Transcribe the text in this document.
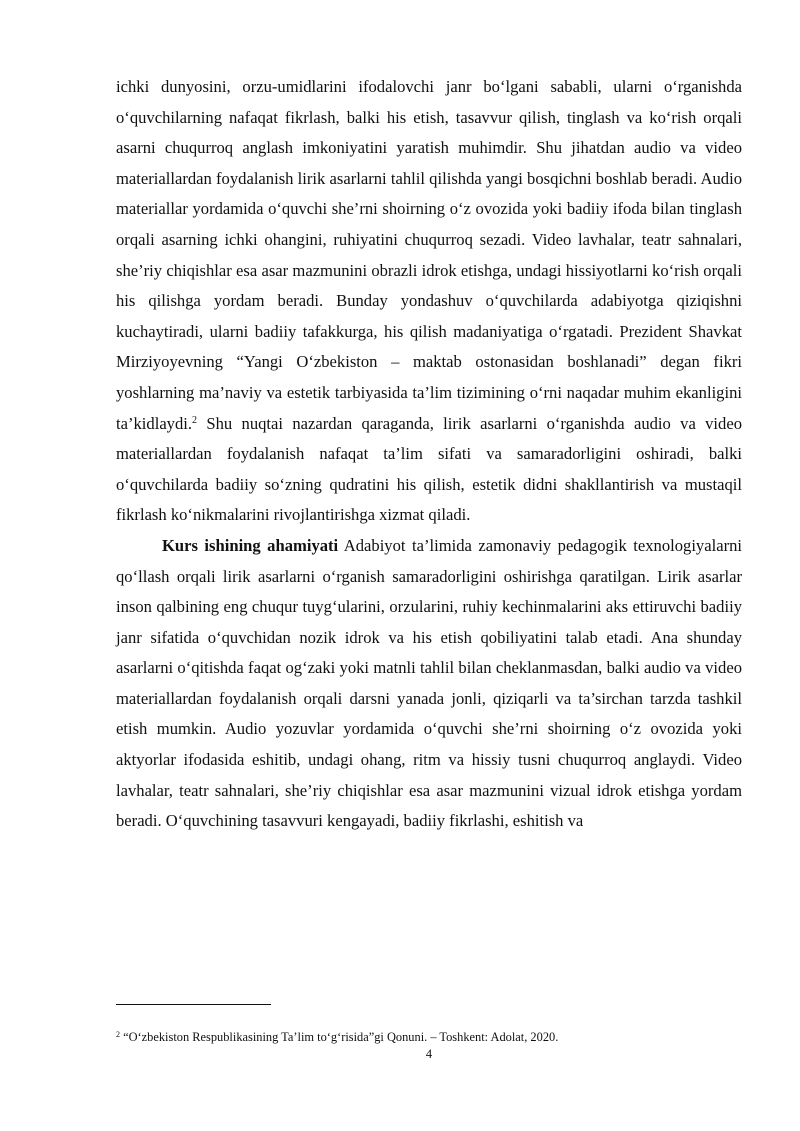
ichki dunyosini, orzu-umidlarini ifodalovchi janr bo‘lgani sababli, ularni o‘rganishda o‘quvchilarning nafaqat fikrlash, balki his etish, tasavvur qilish, tinglash va ko‘rish orqali asarni chuqurroq anglash imkoniyatini yaratish muhimdir. Shu jihatdan audio va video materiallardan foydalanish lirik asarlarni tahlil qilishda yangi bosqichni boshlab beradi. Audio materiallar yordamida o‘quvchi she’rni shoirning o‘z ovozida yoki badiiy ifoda bilan tinglash orqali asarning ichki ohangini, ruhiyatini chuqurroq sezadi. Video lavhalar, teatr sahnalari, she’riy chiqishlar esa asar mazmunini obrazli idrok etishga, undagi hissiyotlarni ko‘rish orqali his qilishga yordam beradi. Bunday yondashuv o‘quvchilarda adabiyotga qiziqishni kuchaytiradi, ularni badiiy tafakkurga, his qilish madaniyatiga o‘rgatadi. Prezident Shavkat Mirziyoyevning “Yangi O‘zbekiston – maktab ostonasidan boshlanadi” degan fikri yoshlarning ma’naviy va estetik tarbiyasida ta’lim tizimining o‘rni naqadar muhim ekanligini ta’kidlaydi.$^2$ Shu nuqtai nazardan qaraganda, lirik asarlarni o‘rganishda audio va video materiallardan foydalanish nafaqat ta’lim sifati va samaradorligini oshiradi, balki o‘quvchilarda badiiy so‘zning qudratini his qilish, estetik didni shakllantirish va mustaqil fikrlash ko‘nikmalarini rivojlantirishga xizmat qiladi.

Kurs ishining ahamiyati Adabiyot ta’limida zamonaviy pedagogik texnologiyalarni qo‘llash orqali lirik asarlarni o‘rganish samaradorligini oshirishga qaratilgan. Lirik asarlar inson qalbining eng chuqur tuyg‘ularini, orzularini, ruhiy kechinmalarini aks ettiruvchi badiiy janr sifatida o‘quvchidan nozik idrok va his etish qobiliyatini talab etadi. Ana shunday asarlarni o‘qitishda faqat og‘zaki yoki matnli tahlil bilan cheklanmasdan, balki audio va video materiallardan foydalanish orqali darsni yanada jonli, qiziqarli va ta’sirchan tarzda tashkil etish mumkin. Audio yozuvlar yordamida o‘quvchi she’rni shoirning o‘z ovozida yoki aktyorlar ifodasida eshitib, undagi ohang, ritm va hissiy tusni chuqurroq anglaydi. Video lavhalar, teatr sahnalari, she’riy chiqishlar esa asar mazmunini vizual idrok etishga yordam beradi. O‘quvchining tasavvuri kengayadi, badiiy fikrlashi, eshitish va

$^2$ “O‘zbekiston Respublikasining Ta’lim to‘g‘risida”gi Qonuni. – Toshkent: Adolat, 2020.
4
